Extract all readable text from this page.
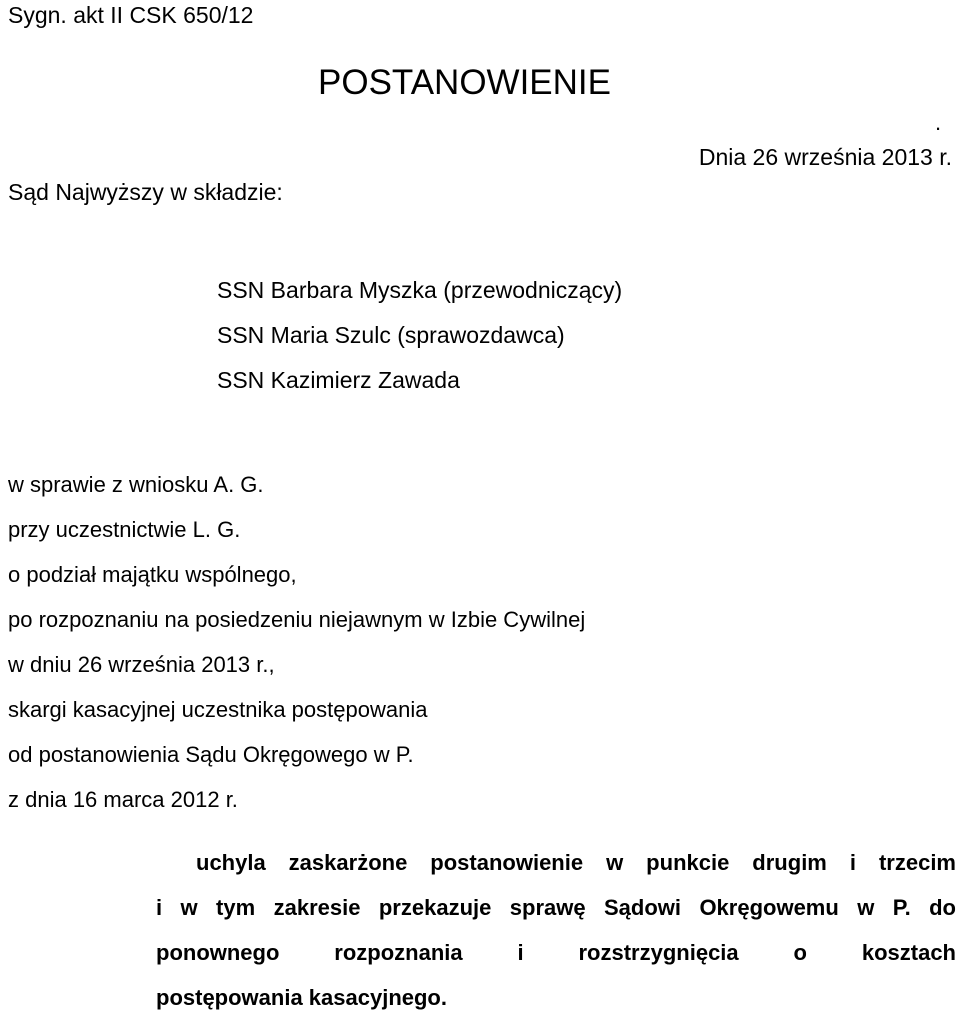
Sygn. akt II CSK 650/12
POSTANOWIENIE
.
Dnia 26 września 2013 r.
Sąd Najwyższy w składzie:
SSN Barbara Myszka (przewodniczący)
SSN Maria Szulc (sprawozdawca)
SSN Kazimierz Zawada
w sprawie z wniosku A. G.
przy uczestnictwie L. G.
o podział majątku wspólnego,
po rozpoznaniu na posiedzeniu niejawnym w Izbie Cywilnej
w dniu 26 września 2013 r.,
skargi kasacyjnej uczestnika postępowania
od postanowienia Sądu Okręgowego w P.
z dnia 16 marca 2012 r.
uchyla zaskarżone postanowienie w punkcie drugim i trzecim
i w tym zakresie przekazuje sprawę Sądowi Okręgowemu w P. do
ponownego rozpoznania i rozstrzygnięcia o kosztach
postępowania kasacyjnego.
